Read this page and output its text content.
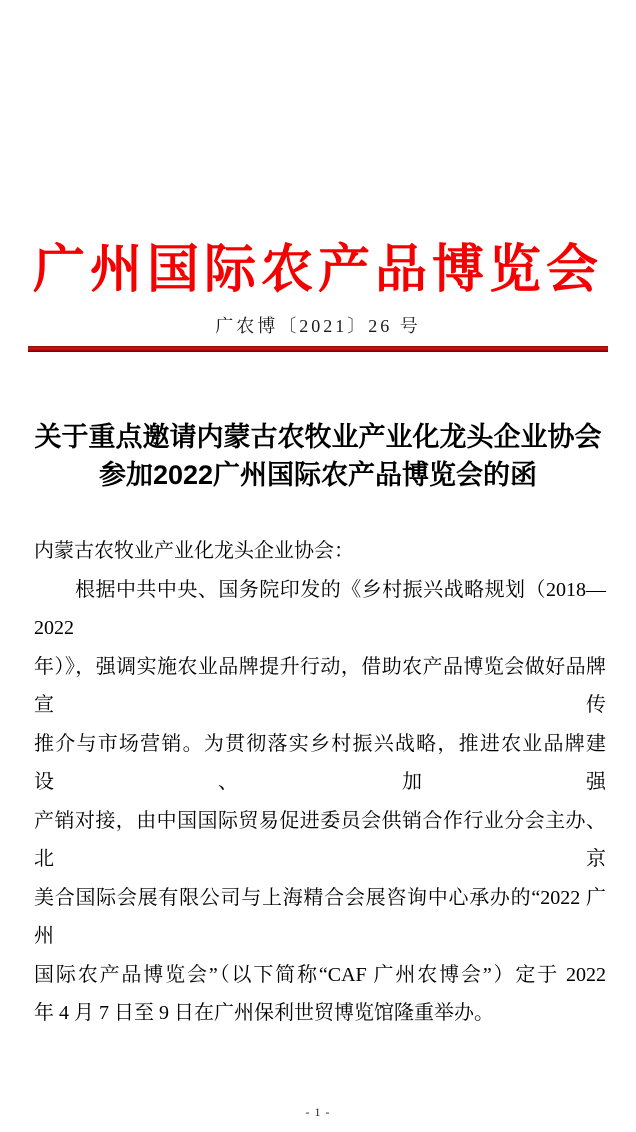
广州国际农产品博览会
广农博〔2021〕26 号
关于重点邀请内蒙古农牧业产业化龙头企业协会
参加2022广州国际农产品博览会的函
内蒙古农牧业产业化龙头企业协会：
根据中共中央、国务院印发的《乡村振兴战略规划（2018—2022
年）》，强调实施农业品牌提升行动，借助农产品博览会做好品牌宣传
推介与市场营销。为贯彻落实乡村振兴战略，推进农业品牌建设、加强
产销对接，由中国国际贸易促进委员会供销合作行业分会主办、北京
美合国际会展有限公司与上海精合会展咨询中心承办的“2022 广州
国际农产品博览会”（以下简称“CAF 广州农博会”）定于 2022
年 4 月 7 日至 9 日在广州保利世贸博览馆隆重举办。
- 1 -
